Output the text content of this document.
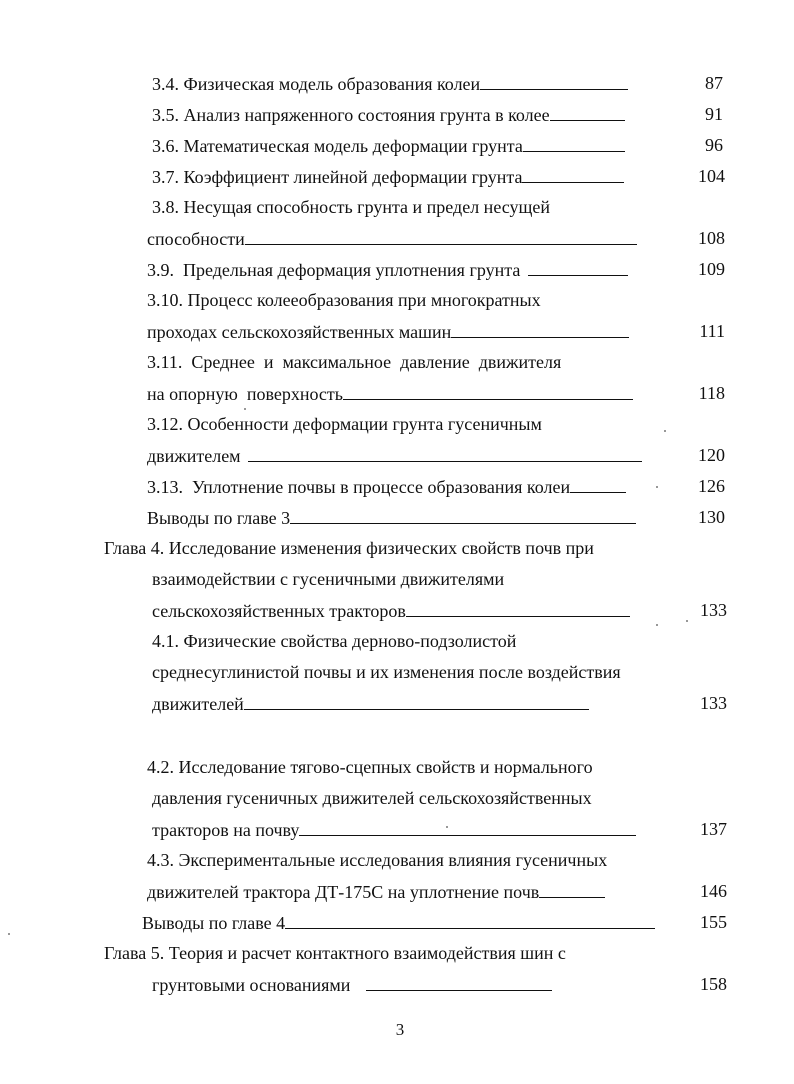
3.4. Физическая модель образования колеи	87
3.5. Анализ напряженного состояния грунта в колее	91
3.6. Математическая модель деформации грунта	96
3.7. Коэффициент линейной деформации грунта	104
3.8. Несущая способность грунта и предел несущей
способности	108
3.9.  Предельная деформация уплотнения грунта	109
3.10. Процесс колееобразования при многократных
проходах сельскохозяйственных машин	111
3.11.  Среднее  и  максимальное  давление  движителя
на опорную  поверхность	118
3.12. Особенности деформации грунта гусеничным
движителем	120
3.13.  Уплотнение почвы в процессе образования колеи	126
Выводы по главе 3	130
Глава 4. Исследование изменения физических свойств почв при
взаимодействии с гусеничными движителями
сельскохозяйственных тракторов	133
4.1. Физические свойства дерново-подзолистой
среднесуглинистой почвы и их изменения после воздействия
движителей	133
4.2. Исследование тягово-сцепных свойств и нормального
давления гусеничных движителей сельскохозяйственных
тракторов на почву	137
4.3. Экспериментальные исследования влияния гусеничных
движителей трактора ДТ-175С на уплотнение почв	146
Выводы по главе 4	155
Глава 5. Теория и расчет контактного взаимодействия шин с
грунтовыми основаниями	158
3
